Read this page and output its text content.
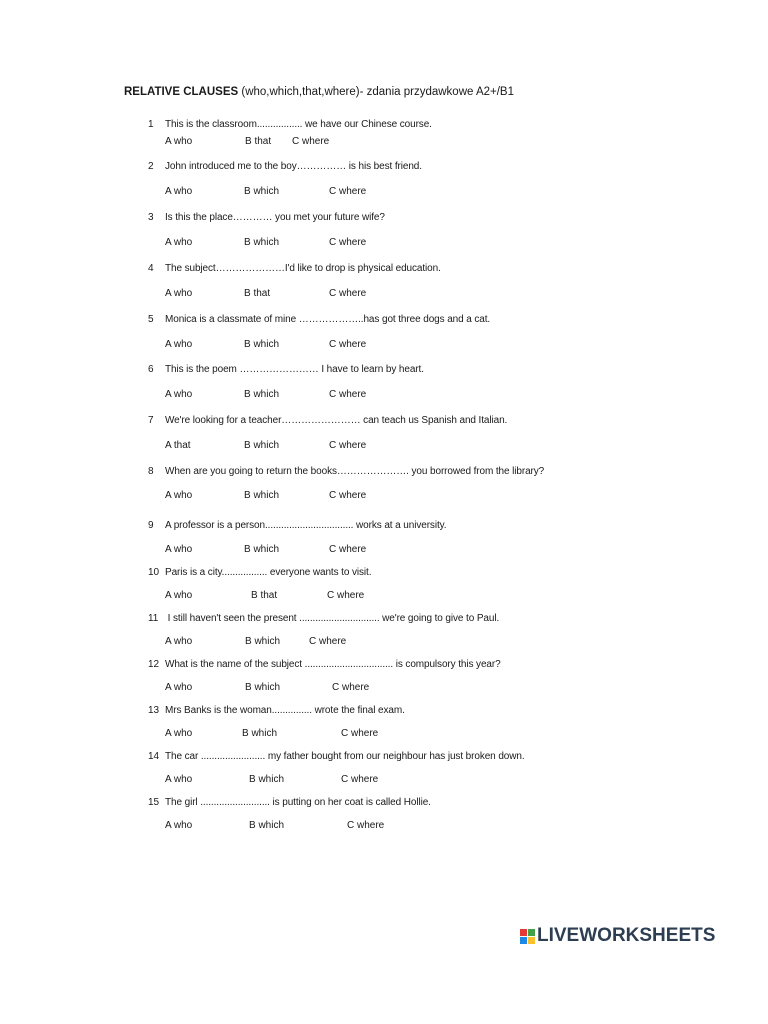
RELATIVE CLAUSES (who,which,that,where)- zdania przydawkowe A2+/B1
1 This is the classroom................. we have our Chinese course.
A who	B that C where
2 John introduced me to the boy…………… is his best friend.
A who	B which	C where
3 Is this the place………… you met your future wife?
A who	B which	C where
4 The subject…………………I'd like to drop is physical education.
A who	B that	C where
5 Monica is a classmate of mine ………………..has got three dogs and a cat.
A who	B which	C where
6 This is the poem …………………… I have to learn by heart.
A who	B which	C where
7 We're looking for a teacher…………………… can teach us Spanish and Italian.
A that	B which	C where
8 When are you going to return the books…………………. you borrowed from the library?
A who	B which	C where
9 A professor is a person................................. works at a university.
A who	B which	C where
10 Paris is a city................. everyone wants to visit.
A who	B that	C where
11 I still haven't seen the present .............................. we're going to give to Paul.
A who	B which	C where
12 What is the name of the subject ................................. is compulsory this year?
A who	B which	C where
13 Mrs Banks is the woman............... wrote the final exam.
A who	B which	C where
14 The car ........................ my father bought from our neighbour has just broken down.
A who	B which	C where
15 The girl .......................... is putting on her coat is called Hollie.
A who	B which	C where
LIVEWORKSHEETS
